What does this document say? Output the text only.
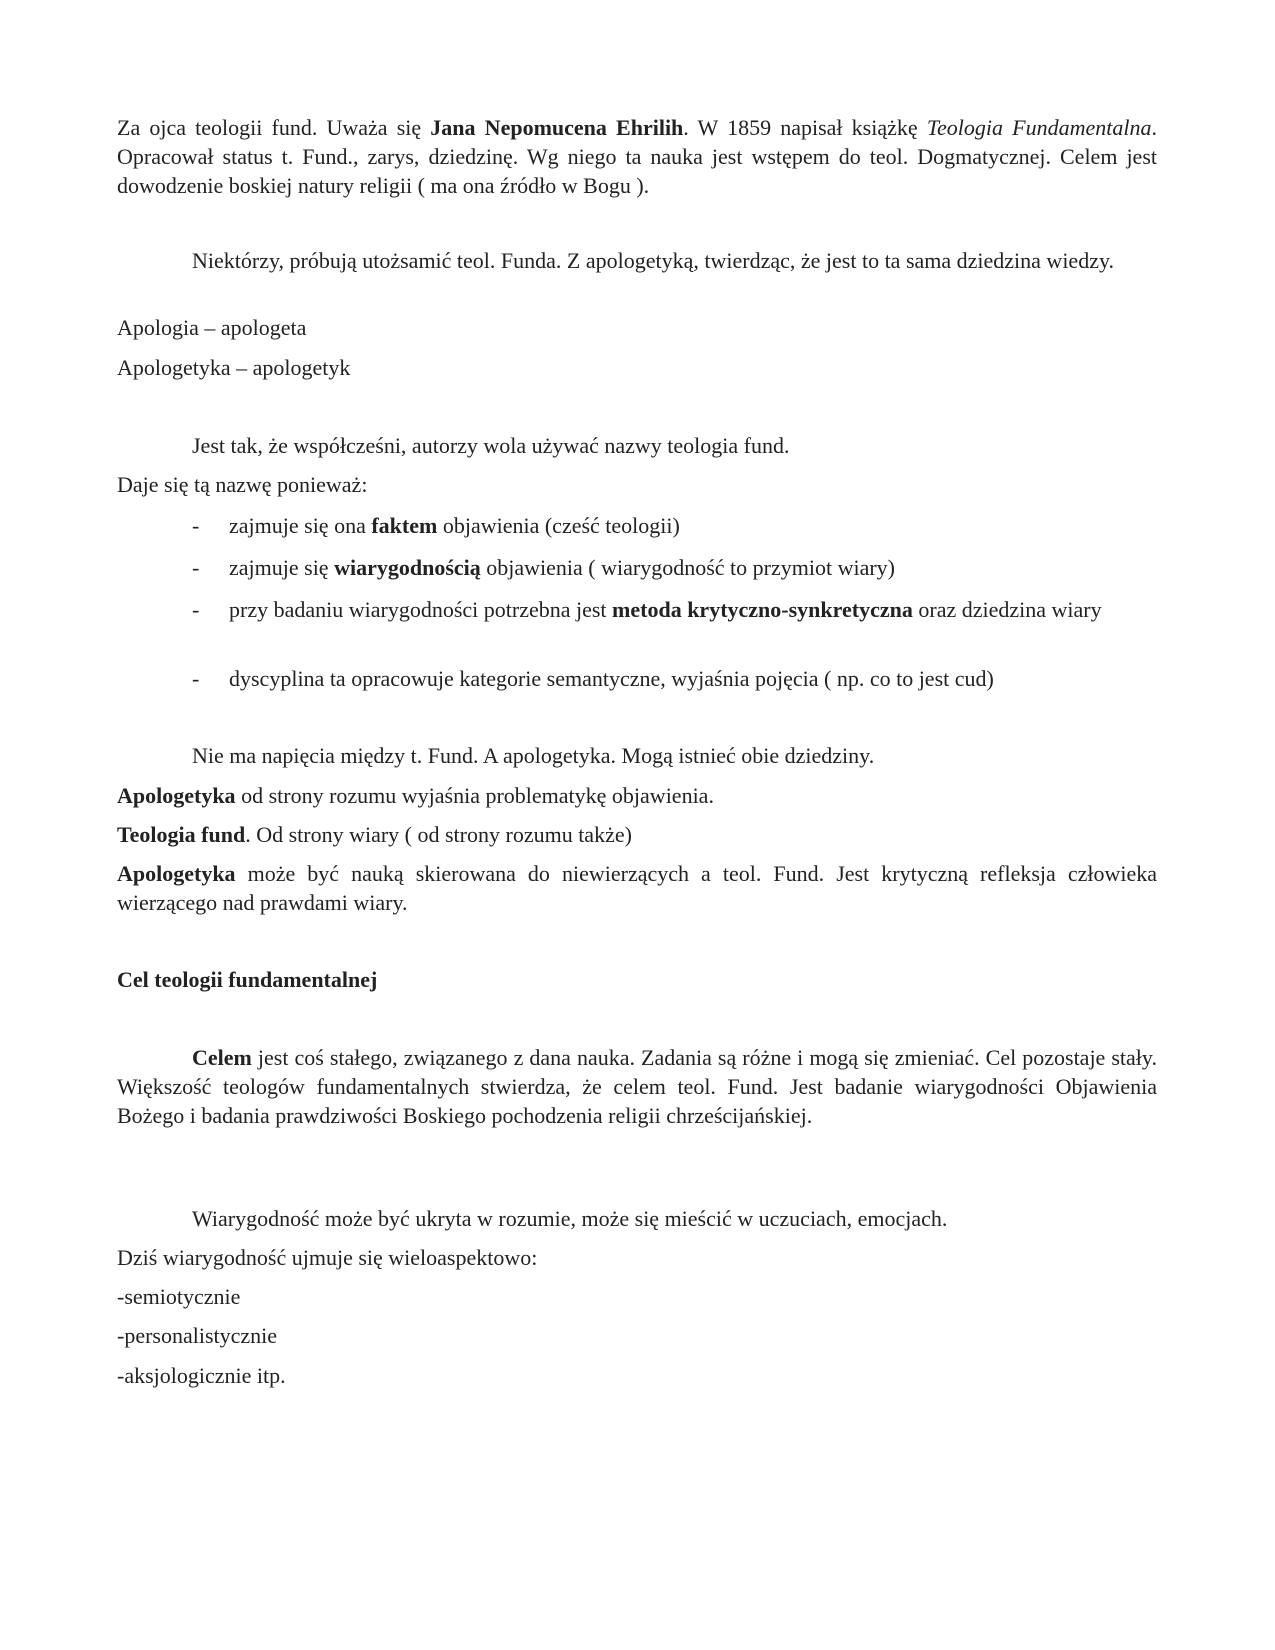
Za ojca teologii fund. Uważa się Jana Nepomucena Ehrilih. W 1859 napisał książkę Teologia Fundamentalna. Opracował status t. Fund., zarys, dziedzinę. Wg niego ta nauka jest wstępem do teol. Dogmatycznej. Celem jest dowodzenie boskiej natury religii ( ma ona źródło w Bogu ).

Niektórzy, próbują utożsamić teol. Funda. Z apologetyką, twierdząc, że jest to ta sama dziedzina wiedzy.

Apologia – apologeta

Apologetyka – apologetyk

Jest tak, że współcześni, autorzy wola używać nazwy teologia fund.

Daje się tą nazwę ponieważ:

- zajmuje się ona faktem objawienia (cześć teologii)
- zajmuje się wiarygodnością objawienia ( wiarygodność to przymiot wiary)
- przy badaniu wiarygodności potrzebna jest metoda krytyczno-synkretyczna oraz dziedzina wiary
- dyscyplina ta opracowuje kategorie semantyczne, wyjaśnia pojęcia ( np. co to jest cud)

Nie ma napięcia między t. Fund. A apologetyka. Mogą istnieć obie dziedziny.

Apologetyka od strony rozumu wyjaśnia problematykę objawienia.

Teologia fund. Od strony wiary ( od strony rozumu także)

Apologetyka może być nauką skierowana do niewierzących a teol. Fund. Jest krytyczną refleksja człowieka wierzącego nad prawdami wiary.

Cel teologii fundamentalnej

Celem jest coś stałego, związanego z dana nauka. Zadania są różne i mogą się zmieniać. Cel pozostaje stały. Większość teologów fundamentalnych stwierdza, że celem teol. Fund. Jest badanie wiarygodności Objawienia Bożego i badania prawdziwości Boskiego pochodzenia religii chrześcijańskiej.

Wiarygodność może być ukryta w rozumie, może się mieścić w uczuciach, emocjach.

Dziś wiarygodność ujmuje się wieloaspektowo:

-semiotycznie

-personalistycznie

-aksjologicznie itp.
